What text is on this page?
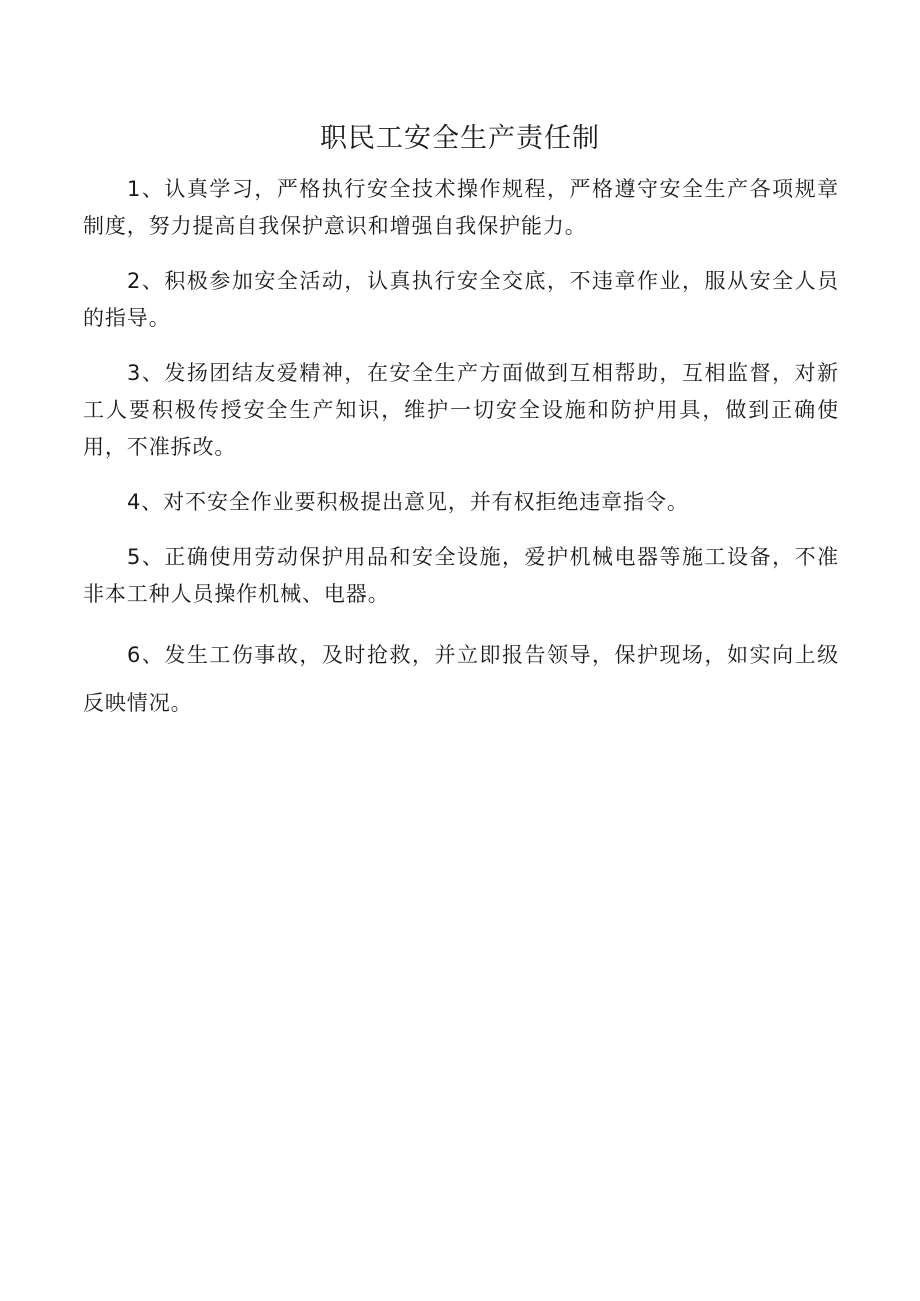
职民工安全生产责任制

1、认真学习，严格执行安全技术操作规程，严格遵守安全生产各项规章制度，努力提高自我保护意识和增强自我保护能力。

2、积极参加安全活动，认真执行安全交底，不违章作业，服从安全人员的指导。

3、发扬团结友爱精神，在安全生产方面做到互相帮助，互相监督，对新工人要积极传授安全生产知识，维护一切安全设施和防护用具，做到正确使用，不准拆改。

4、对不安全作业要积极提出意见，并有权拒绝违章指令。

5、正确使用劳动保护用品和安全设施，爱护机械电器等施工设备，不准非本工种人员操作机械、电器。

6、发生工伤事故，及时抢救，并立即报告领导，保护现场，如实向上级反映情况。
